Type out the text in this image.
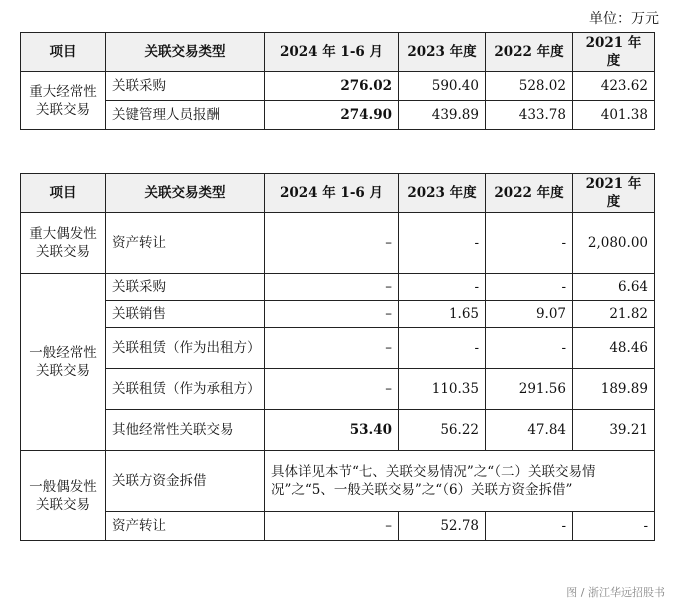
单位：万元
项目	关联交易类型	2024 年 1-6 月	2023 年度	2022 年度	2021 年度
重大经常性关联交易	关联采购	276.02	590.40	528.02	423.62
	关键管理人员报酬	274.90	439.89	433.78	401.38
项目	关联交易类型	2024 年 1-6 月	2023 年度	2022 年度	2021 年度
重大偶发性关联交易	资产转让	–	-	-	2,080.00
一般经常性关联交易	关联采购	–	-	-	6.64
	关联销售	–	1.65	9.07	21.82
	关联租赁（作为出租方）	–	-	-	48.46
	关联租赁（作为承租方）	–	110.35	291.56	189.89
	其他经常性关联交易	53.40	56.22	47.84	39.21
一般偶发性关联交易	关联方资金拆借	具体详见本节“七、关联交易情况”之“（二）关联交易情况”之“5、一般关联交易”之“（6）关联方资金拆借”			
	资产转让	–	52.78	-	-
图 / 浙江华远招股书
